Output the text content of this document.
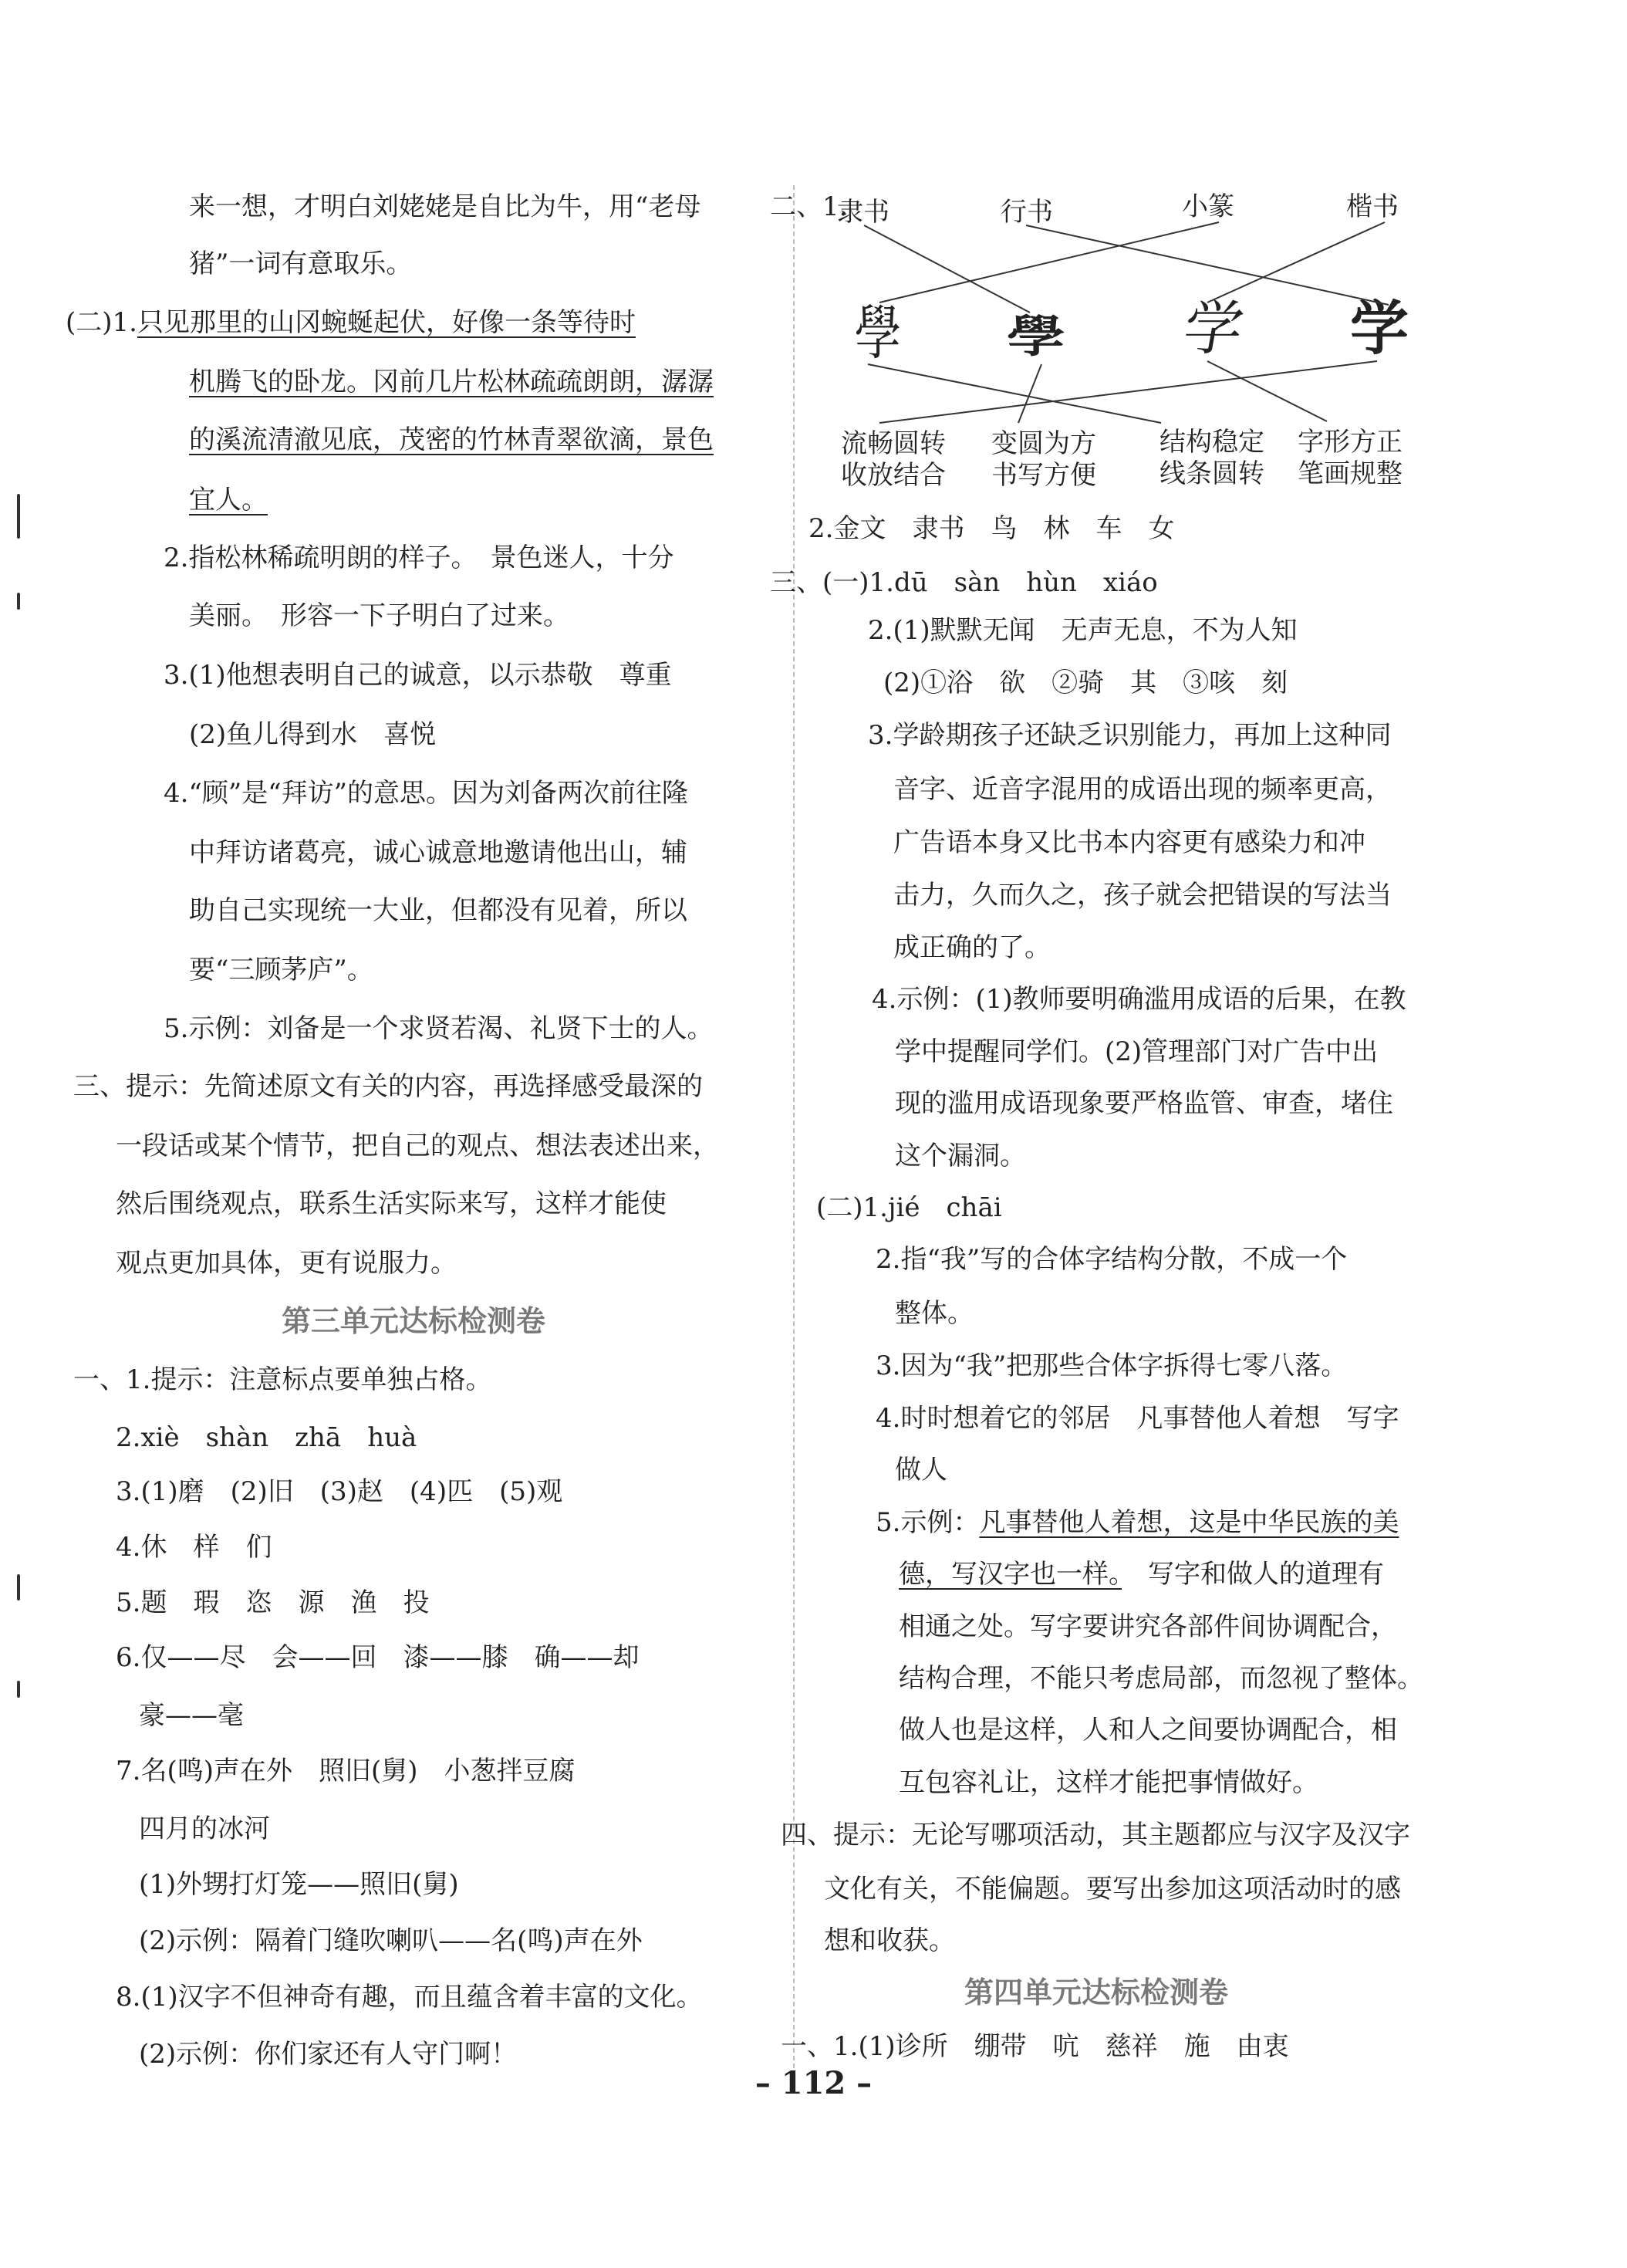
来一想，才明白刘姥姥是自比为牛，用“老母
猪”一词有意取乐。
(二)1.只见那里的山冈蜿蜒起伏，好像一条等待时
机腾飞的卧龙。冈前几片松林疏疏朗朗，潺潺
的溪流清澈见底，茂密的竹林青翠欲滴，景色
宜人。
2.指松林稀疏明朗的样子。　景色迷人，十分
美丽。　形容一下子明白了过来。
3.(1)他想表明自己的诚意，以示恭敬　尊重
(2)鱼儿得到水　喜悦
4.“顾”是“拜访”的意思。因为刘备两次前往隆
中拜访诸葛亮，诚心诚意地邀请他出山，辅
助自己实现统一大业，但都没有见着，所以
要“三顾茅庐”。
5.示例：刘备是一个求贤若渴、礼贤下士的人。
三、提示：先简述原文有关的内容，再选择感受最深的
一段话或某个情节，把自己的观点、想法表述出来，
然后围绕观点，联系生活实际来写，这样才能使
观点更加具体，更有说服力。
第三单元达标检测卷
一、1.提示：注意标点要单独占格。
2.xiè　shàn　zhā　huà
3.(1)磨　(2)旧　(3)赵　(4)匹　(5)观
4.休　样　们
5.题　瑕　恣　源　渔　投
6.仅——尽　会——回　漆——膝　确——却
豪——毫
7.名(鸣)声在外　照旧(舅)　小葱拌豆腐
四月的冰河
(1)外甥打灯笼——照旧(舅)
(2)示例：隔着门缝吹喇叭——名(鸣)声在外
8.(1)汉字不但神奇有趣，而且蕴含着丰富的文化。
(2)示例：你们家还有人守门啊！
二、1.
隶书	行书	小篆	楷书
學 學 学 学
流畅圆转
收放结合
变圆为方
书写方便
结构稳定
线条圆转
字形方正
笔画规整
2.金文　隶书　鸟　林　车　女
三、(一)1.dū　sàn　hùn　xiáo
2.(1)默默无闻　无声无息，不为人知
(2)①浴　欲　②骑　其　③咳　刻
3.学龄期孩子还缺乏识别能力，再加上这种同
音字、近音字混用的成语出现的频率更高，
广告语本身又比书本内容更有感染力和冲
击力，久而久之，孩子就会把错误的写法当
成正确的了。
4.示例：(1)教师要明确滥用成语的后果，在教
学中提醒同学们。(2)管理部门对广告中出
现的滥用成语现象要严格监管、审查，堵住
这个漏洞。
(二)1.jié　chāi
2.指“我”写的合体字结构分散，不成一个
整体。
3.因为“我”把那些合体字拆得七零八落。
4.时时想着它的邻居　凡事替他人着想　写字
做人
5.示例：凡事替他人着想，这是中华民族的美
德，写汉字也一样。　写字和做人的道理有
相通之处。写字要讲究各部件间协调配合，
结构合理，不能只考虑局部，而忽视了整体。
做人也是这样，人和人之间要协调配合，相
互包容礼让，这样才能把事情做好。
四、提示：无论写哪项活动，其主题都应与汉字及汉字
文化有关，不能偏题。要写出参加这项活动时的感
想和收获。
第四单元达标检测卷
一、1.(1)诊所　绷带　吭　慈祥　施　由衷
– 112 –
